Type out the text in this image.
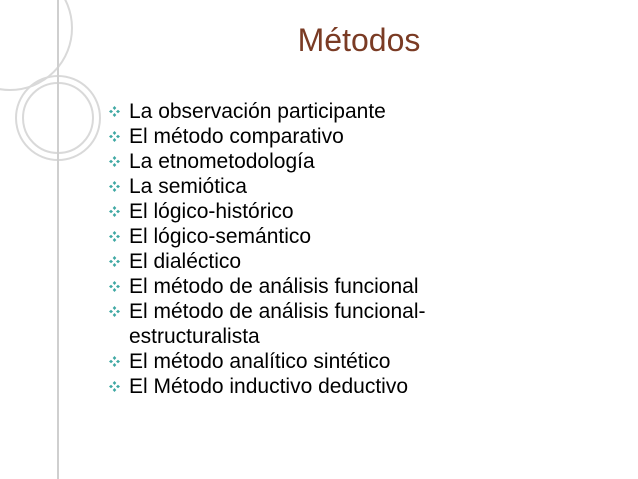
Métodos
La observación participante
El método comparativo
La etnometodología
La semiótica
El lógico-histórico
El lógico-semántico
El dialéctico
El método de análisis funcional
El método de análisis funcional-
estructuralista
El método analítico sintético
El Método inductivo deductivo
